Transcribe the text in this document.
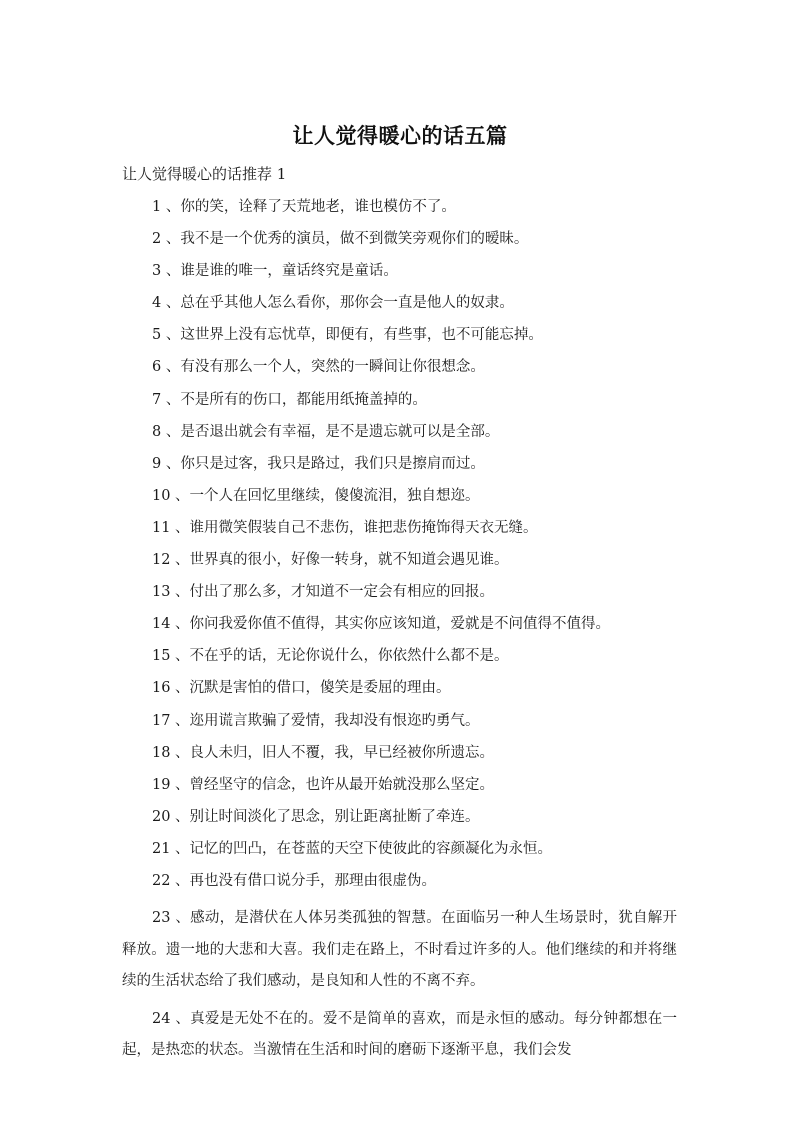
让人觉得暖心的话五篇
让人觉得暖心的话推荐 1
1 、你的笑，诠释了天荒地老，谁也模仿不了。
2 、我不是一个优秀的演员，做不到微笑旁观你们的暧昧。
3 、谁是谁的唯一，童话终究是童话。
4 、总在乎其他人怎么看你，那你会一直是他人的奴隶。
5 、这世界上没有忘忧草，即便有，有些事，也不可能忘掉。
6 、有没有那么一个人，突然的一瞬间让你很想念。
7 、不是所有的伤口，都能用纸掩盖掉的。
8 、是否退出就会有幸福，是不是遗忘就可以是全部。
9 、你只是过客，我只是路过，我们只是擦肩而过。
10 、一个人在回忆里继续，傻傻流泪，独自想迩。
11 、谁用微笑假装自己不悲伤，谁把悲伤掩饰得天衣无缝。
12 、世界真的很小，好像一转身，就不知道会遇见谁。
13 、付出了那么多，才知道不一定会有相应的回报。
14 、你问我爱你值不值得，其实你应该知道，爱就是不问值得不值得。
15 、不在乎的话，无论你说什么，你依然什么都不是。
16 、沉默是害怕的借口，傻笑是委屈的理由。
17 、迩用谎言欺骗了爱情，我却没有恨迩旳勇气。
18 、良人未归，旧人不覆，我，早已经被你所遗忘。
19 、曾经坚守的信念，也许从最开始就没那么坚定。
20 、别让时间淡化了思念，别让距离扯断了牵连。
21 、记忆的凹凸，在苍蓝的天空下使彼此的容颜凝化为永恒。
22 、再也没有借口说分手，那理由很虚伪。
23 、感动，是潜伏在人体另类孤独的智慧。在面临另一种人生场景时，犹自解开释放。遗一地的大悲和大喜。我们走在路上，不时看过许多的人。他们继续的和并将继续的生活状态给了我们感动，是良知和人性的不离不弃。
24 、真爱是无处不在的。爱不是简单的喜欢，而是永恒的感动。每分钟都想在一起，是热恋的状态。当激情在生活和时间的磨砺下逐渐平息，我们会发
